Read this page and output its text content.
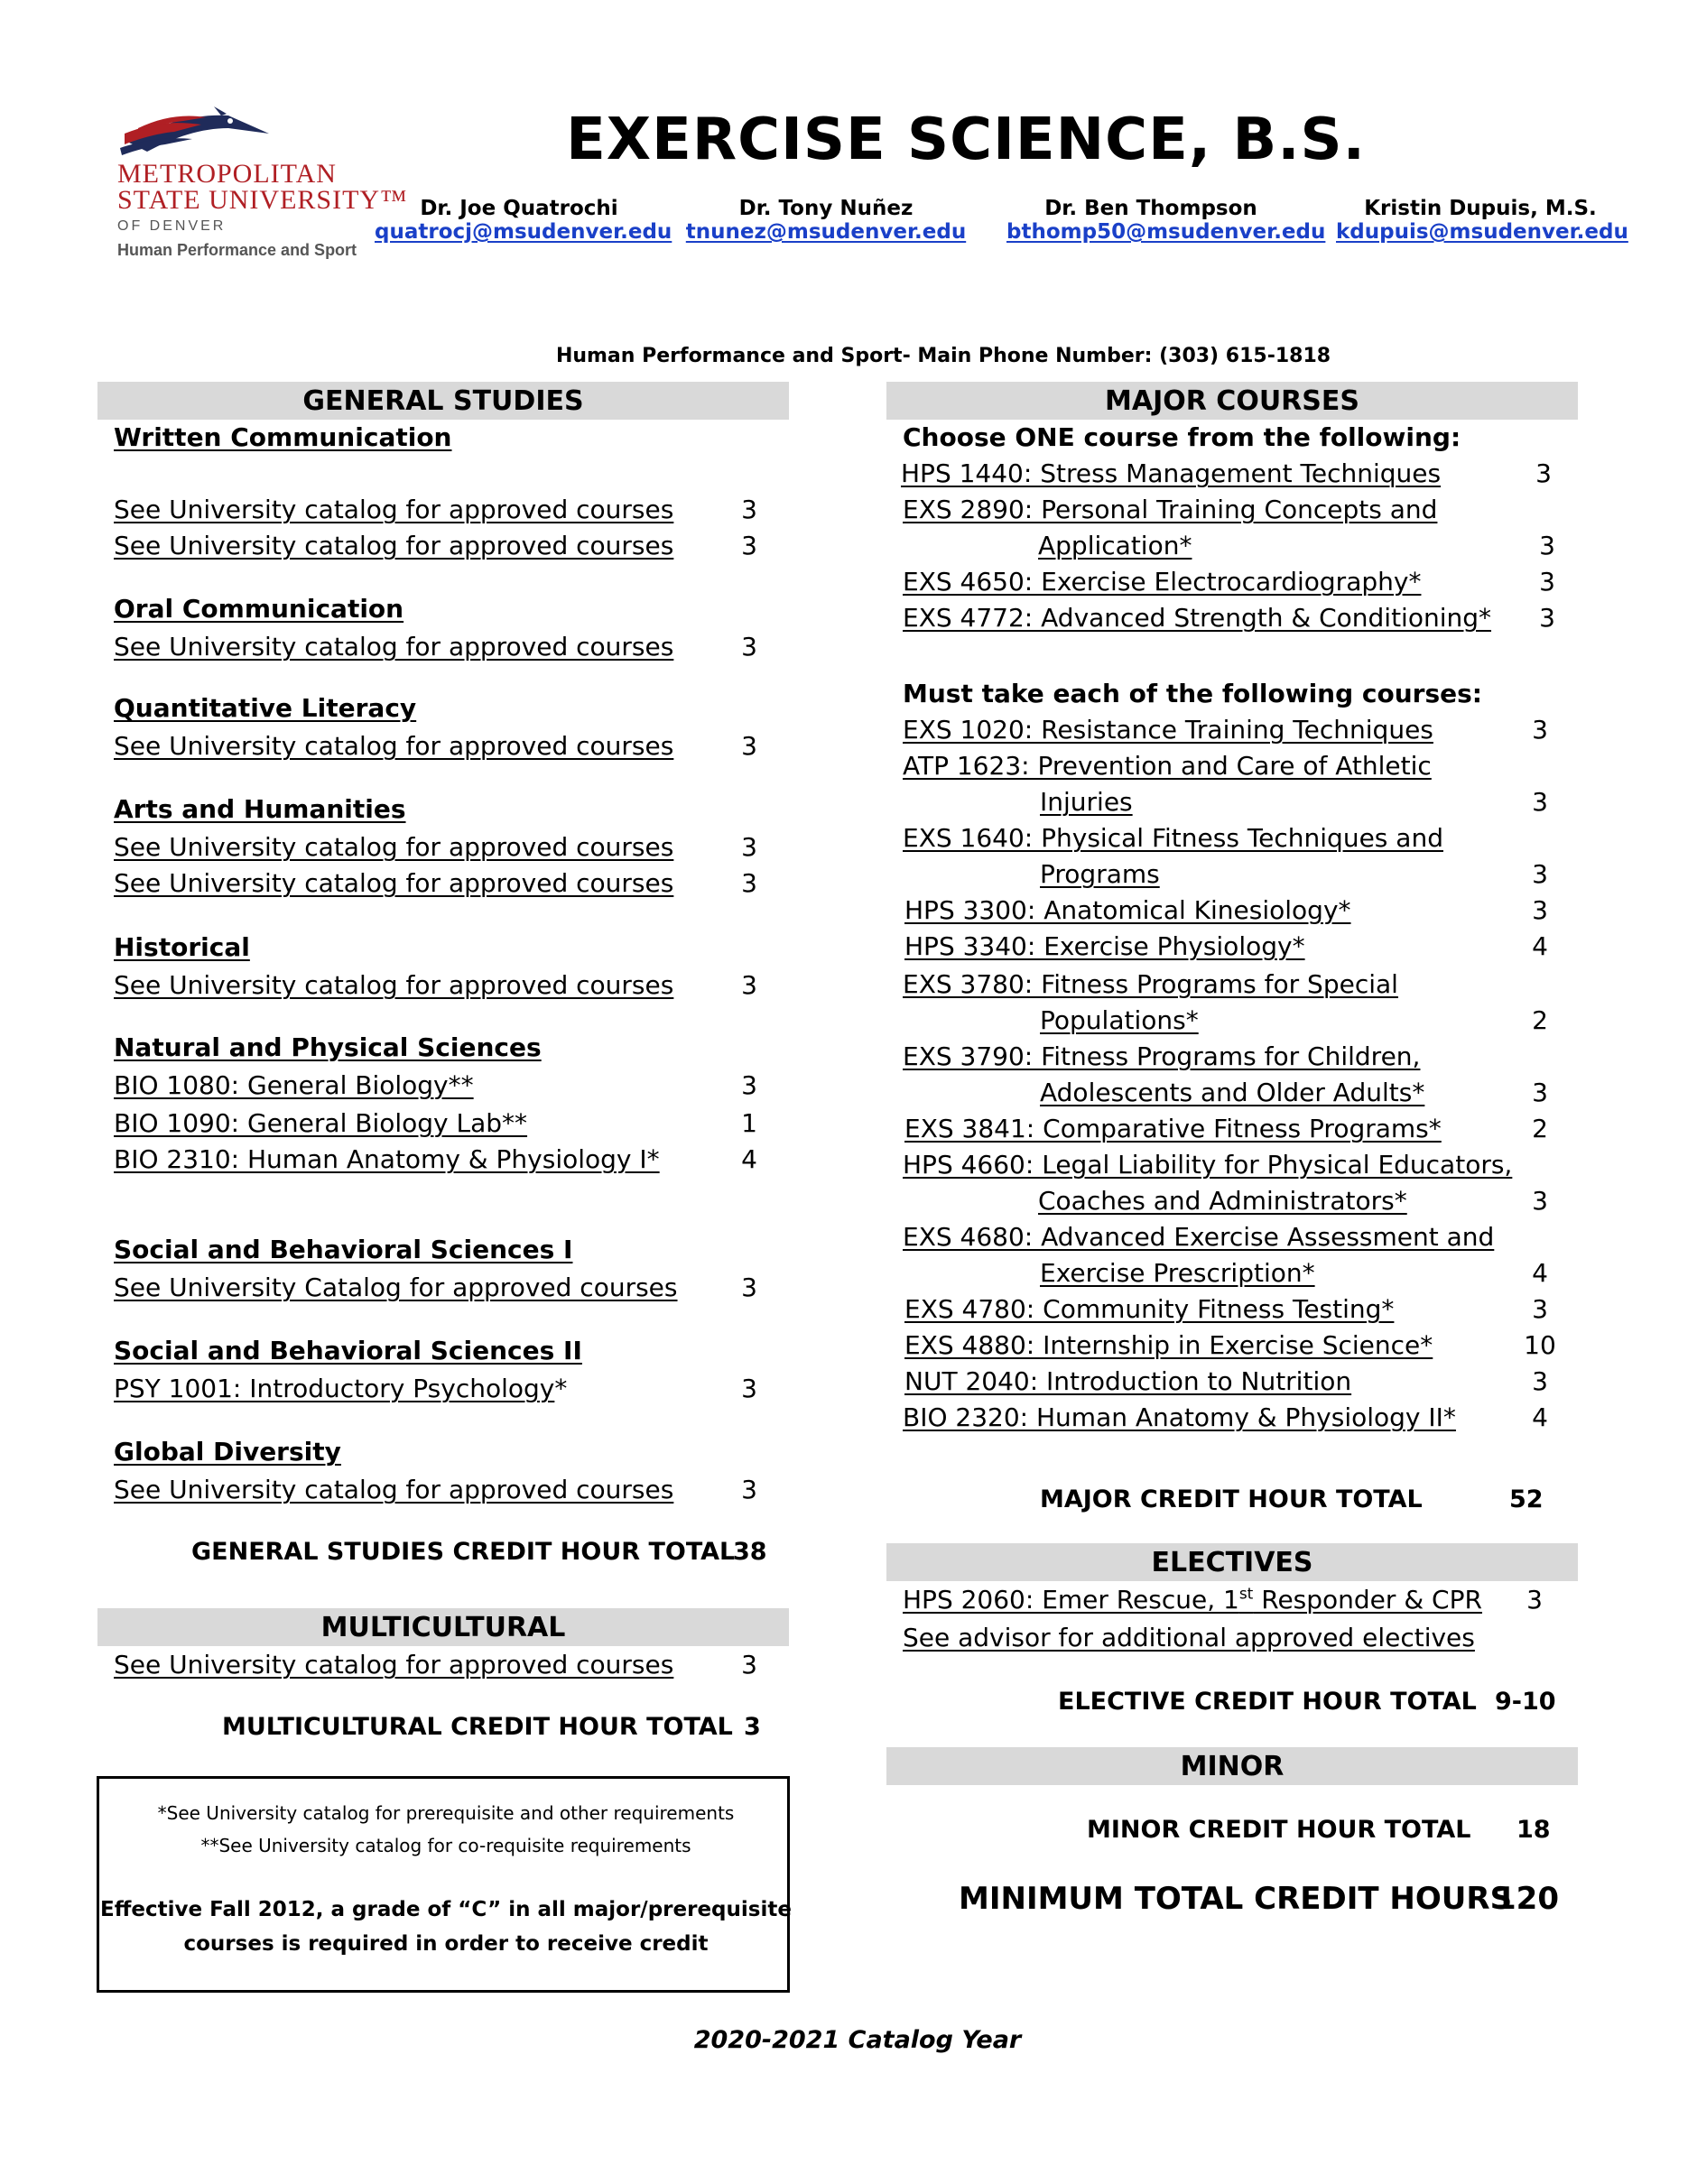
METROPOLITAN
STATE UNIVERSITY™
OF DENVER
Human Performance and Sport
EXERCISE SCIENCE, B.S.
Dr. Joe Quatrochi
quatrocj@msudenver.edu
Dr. Tony Nuñez
tnunez@msudenver.edu
Dr. Ben Thompson
bthomp50@msudenver.edu
Kristin Dupuis, M.S.
kdupuis@msudenver.edu
Human Performance and Sport- Main Phone Number: (303) 615-1818
GENERAL STUDIES
Written Communication
See University catalog for approved courses	3
See University catalog for approved courses	3
Oral Communication
See University catalog for approved courses	3
Quantitative Literacy
See University catalog for approved courses	3
Arts and Humanities
See University catalog for approved courses	3
See University catalog for approved courses	3
Historical
See University catalog for approved courses	3
Natural and Physical Sciences
BIO 1080: General Biology**	3
BIO 1090: General Biology Lab**	1
BIO 2310: Human Anatomy & Physiology I*	4
Social and Behavioral Sciences I
See University Catalog for approved courses	3
Social and Behavioral Sciences II
PSY 1001: Introductory Psychology*	3
Global Diversity
See University catalog for approved courses	3
GENERAL STUDIES CREDIT HOUR TOTAL
38
MULTICULTURAL
See University catalog for approved courses	3
MULTICULTURAL CREDIT HOUR TOTAL 3
*See University catalog for prerequisite and other requirements
**See University catalog for co-requisite requirements
Effective Fall 2012, a grade of “C” in all major/prerequisite
courses is required in order to receive credit
MAJOR COURSES
Choose ONE course from the following:
HPS 1440: Stress Management Techniques	3
EXS 2890: Personal Training Concepts and
Application*	3
EXS 4650: Exercise Electrocardiography*	3
EXS 4772: Advanced Strength & Conditioning*	3
Must take each of the following courses:
EXS 1020: Resistance Training Techniques	3
ATP 1623: Prevention and Care of Athletic
Injuries	3
EXS 1640: Physical Fitness Techniques and
Programs	3
HPS 3300: Anatomical Kinesiology*	3
HPS 3340: Exercise Physiology*	4
EXS 3780: Fitness Programs for Special
Populations*	2
EXS 3790: Fitness Programs for Children,
Adolescents and Older Adults*	3
EXS 3841: Comparative Fitness Programs*	2
HPS 4660: Legal Liability for Physical Educators,
Coaches and Administrators*	3
EXS 4680: Advanced Exercise Assessment and
Exercise Prescription*	4
EXS 4780: Community Fitness Testing*	3
EXS 4880: Internship in Exercise Science*	10
NUT 2040: Introduction to Nutrition	3
BIO 2320: Human Anatomy & Physiology II*	4
MAJOR CREDIT HOUR TOTAL	52
ELECTIVES
HPS 2060: Emer Rescue, 1st Responder & CPR	3
See advisor for additional approved electives
ELECTIVE CREDIT HOUR TOTAL 9-10
MINOR
MINOR CREDIT HOUR TOTAL 18
MINIMUM TOTAL CREDIT HOURS
120
2020-2021 Catalog Year
